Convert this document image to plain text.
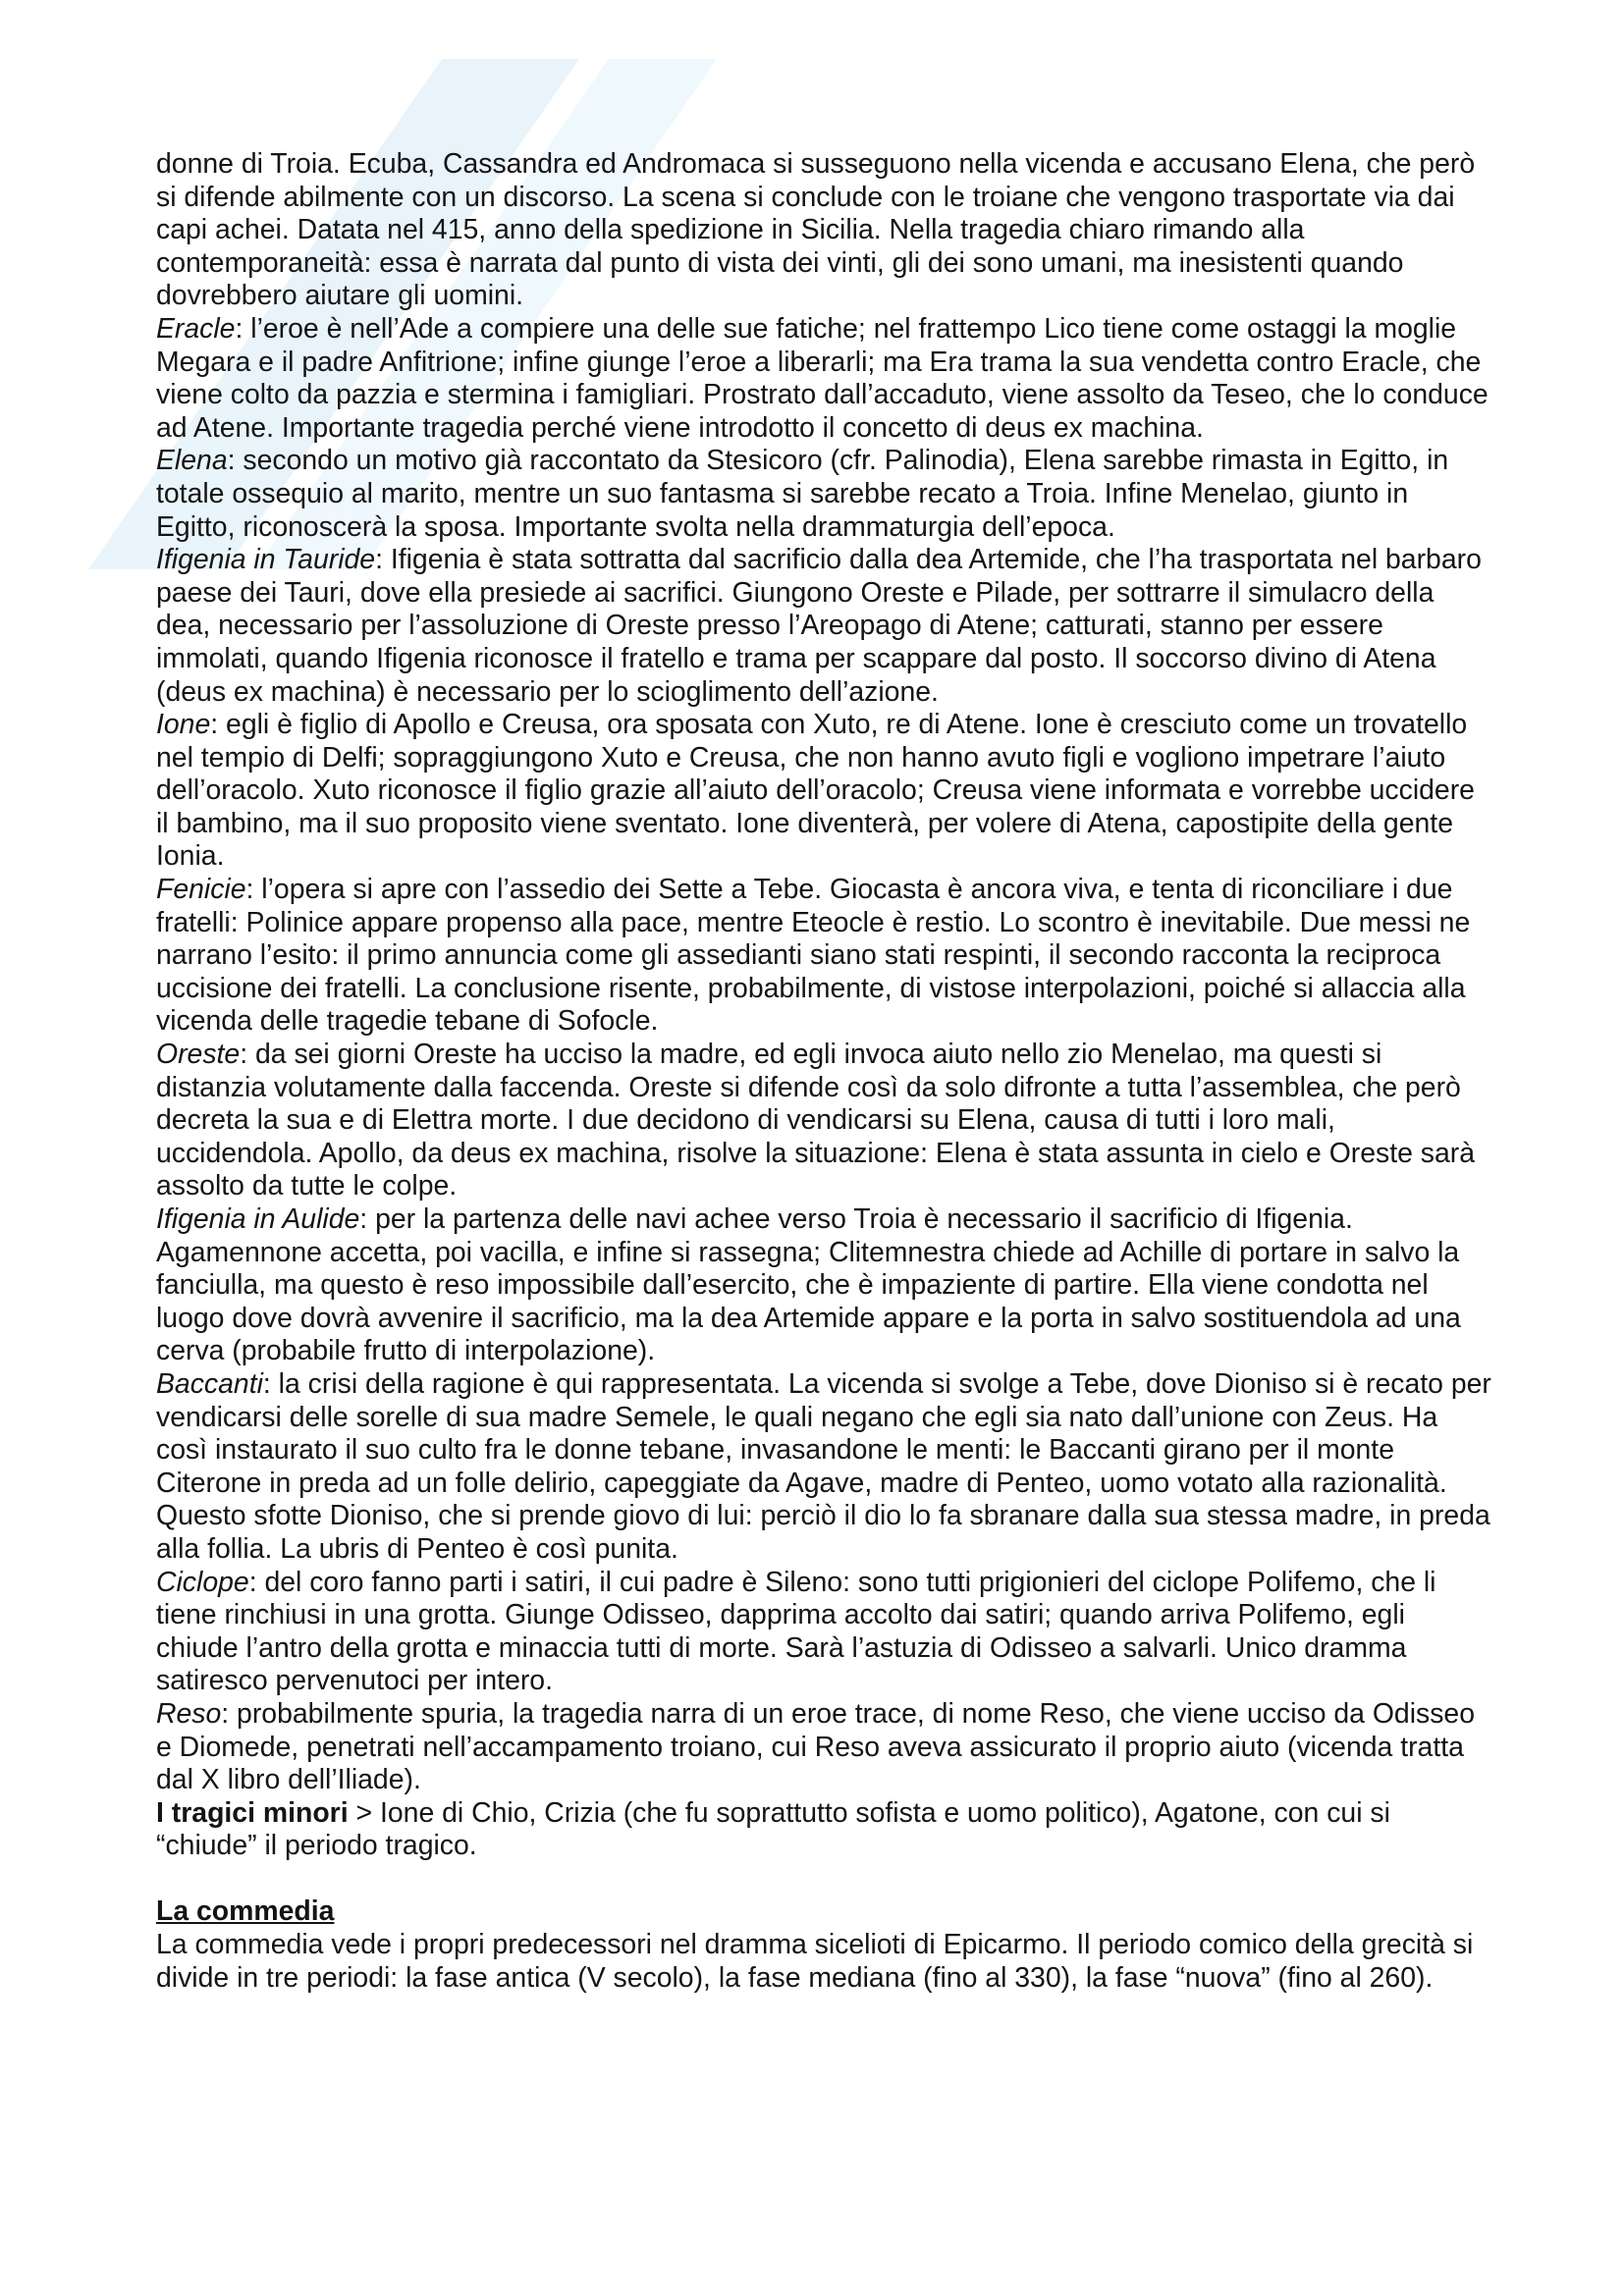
donne di Troia. Ecuba, Cassandra ed Andromaca si susseguono nella vicenda e accusano Elena, che però si difende abilmente con un discorso. La scena si conclude con le troiane che vengono trasportate via dai capi achei. Datata nel 415, anno della spedizione in Sicilia. Nella tragedia chiaro rimando alla contemporaneità: essa è narrata dal punto di vista dei vinti, gli dei sono umani, ma inesistenti quando dovrebbero aiutare gli uomini.

Eracle: l’eroe è nell’Ade a compiere una delle sue fatiche; nel frattempo Lico tiene come ostaggi la moglie Megara e il padre Anfitrione; infine giunge l’eroe a liberarli; ma Era trama la sua vendetta contro Eracle, che viene colto da pazzia e stermina i famigliari. Prostrato dall’accaduto, viene assolto da Teseo, che lo conduce ad Atene. Importante tragedia perché viene introdotto il concetto di deus ex machina.

Elena: secondo un motivo già raccontato da Stesicoro (cfr. Palinodia), Elena sarebbe rimasta in Egitto, in totale ossequio al marito, mentre un suo fantasma si sarebbe recato a Troia. Infine Menelao, giunto in Egitto, riconoscerà la sposa. Importante svolta nella drammaturgia dell’epoca.

Ifigenia in Tauride: Ifigenia è stata sottratta dal sacrificio dalla dea Artemide, che l’ha trasportata nel barbaro paese dei Tauri, dove ella presiede ai sacrifici. Giungono Oreste e Pilade, per sottrarre il simulacro della dea, necessario per l’assoluzione di Oreste presso l’Areopago di Atene; catturati, stanno per essere immolati, quando Ifigenia riconosce il fratello e trama per scappare dal posto. Il soccorso divino di Atena (deus ex machina) è necessario per lo scioglimento dell’azione.

Ione: egli è figlio di Apollo e Creusa, ora sposata con Xuto, re di Atene. Ione è cresciuto come un trovatello nel tempio di Delfi; sopraggiungono Xuto e Creusa, che non hanno avuto figli e vogliono impetrare l’aiuto dell’oracolo. Xuto riconosce il figlio grazie all’aiuto dell’oracolo; Creusa viene informata e vorrebbe uccidere il bambino, ma il suo proposito viene sventato. Ione diventerà, per volere di Atena, capostipite della gente Ionia.

Fenicie: l’opera si apre con l’assedio dei Sette a Tebe. Giocasta è ancora viva, e tenta di riconciliare i due fratelli: Polinice appare propenso alla pace, mentre Eteocle è restio. Lo scontro è inevitabile. Due messi ne narrano l’esito: il primo annuncia come gli assedianti siano stati respinti, il secondo racconta la reciproca uccisione dei fratelli. La conclusione risente, probabilmente, di vistose interpolazioni, poiché si allaccia alla vicenda delle tragedie tebane di Sofocle.

Oreste: da sei giorni Oreste ha ucciso la madre, ed egli invoca aiuto nello zio Menelao, ma questi si distanzia volutamente dalla faccenda. Oreste si difende così da solo difronte a tutta l’assemblea, che però decreta la sua e di Elettra morte. I due decidono di vendicarsi su Elena, causa di tutti i loro mali, uccidendola. Apollo, da deus ex machina, risolve la situazione: Elena è stata assunta in cielo e Oreste sarà assolto da tutte le colpe.

Ifigenia in Aulide: per la partenza delle navi achee verso Troia è necessario il sacrificio di Ifigenia. Agamennone accetta, poi vacilla, e infine si rassegna; Clitemnestra chiede ad Achille di portare in salvo la fanciulla, ma questo è reso impossibile dall’esercito, che è impaziente di partire. Ella viene condotta nel luogo dove dovrà avvenire il sacrificio, ma la dea Artemide appare e la porta in salvo sostituendola ad una cerva (probabile frutto di interpolazione).

Baccanti: la crisi della ragione è qui rappresentata. La vicenda si svolge a Tebe, dove Dioniso si è recato per vendicarsi delle sorelle di sua madre Semele, le quali negano che egli sia nato dall’unione con Zeus. Ha così instaurato il suo culto fra le donne tebane, invasandone le menti: le Baccanti girano per il monte Citerone in preda ad un folle delirio, capeggiate da Agave, madre di Penteo, uomo votato alla razionalità. Questo sfotte Dioniso, che si prende giovo di lui: perciò il dio lo fa sbranare dalla sua stessa madre, in preda alla follia. La ubris di Penteo è così punita.

Ciclope: del coro fanno parti i satiri, il cui padre è Sileno: sono tutti prigionieri del ciclope Polifemo, che li tiene rinchiusi in una grotta. Giunge Odisseo, dapprima accolto dai satiri; quando arriva Polifemo, egli chiude l’antro della grotta e minaccia tutti di morte. Sarà l’astuzia di Odisseo a salvarli. Unico dramma satiresco pervenutoci per intero.

Reso: probabilmente spuria, la tragedia narra di un eroe trace, di nome Reso, che viene ucciso da Odisseo e Diomede, penetrati nell’accampamento troiano, cui Reso aveva assicurato il proprio aiuto (vicenda tratta dal X libro dell’Iliade).

I tragici minori > Ione di Chio, Crizia (che fu soprattutto sofista e uomo politico), Agatone, con cui si “chiude” il periodo tragico.

La commedia

La commedia vede i propri predecessori nel dramma sicelioti di Epicarmo. Il periodo comico della grecità si divide in tre periodi: la fase antica (V secolo), la fase mediana (fino al 330), la fase “nuova” (fino al 260).
